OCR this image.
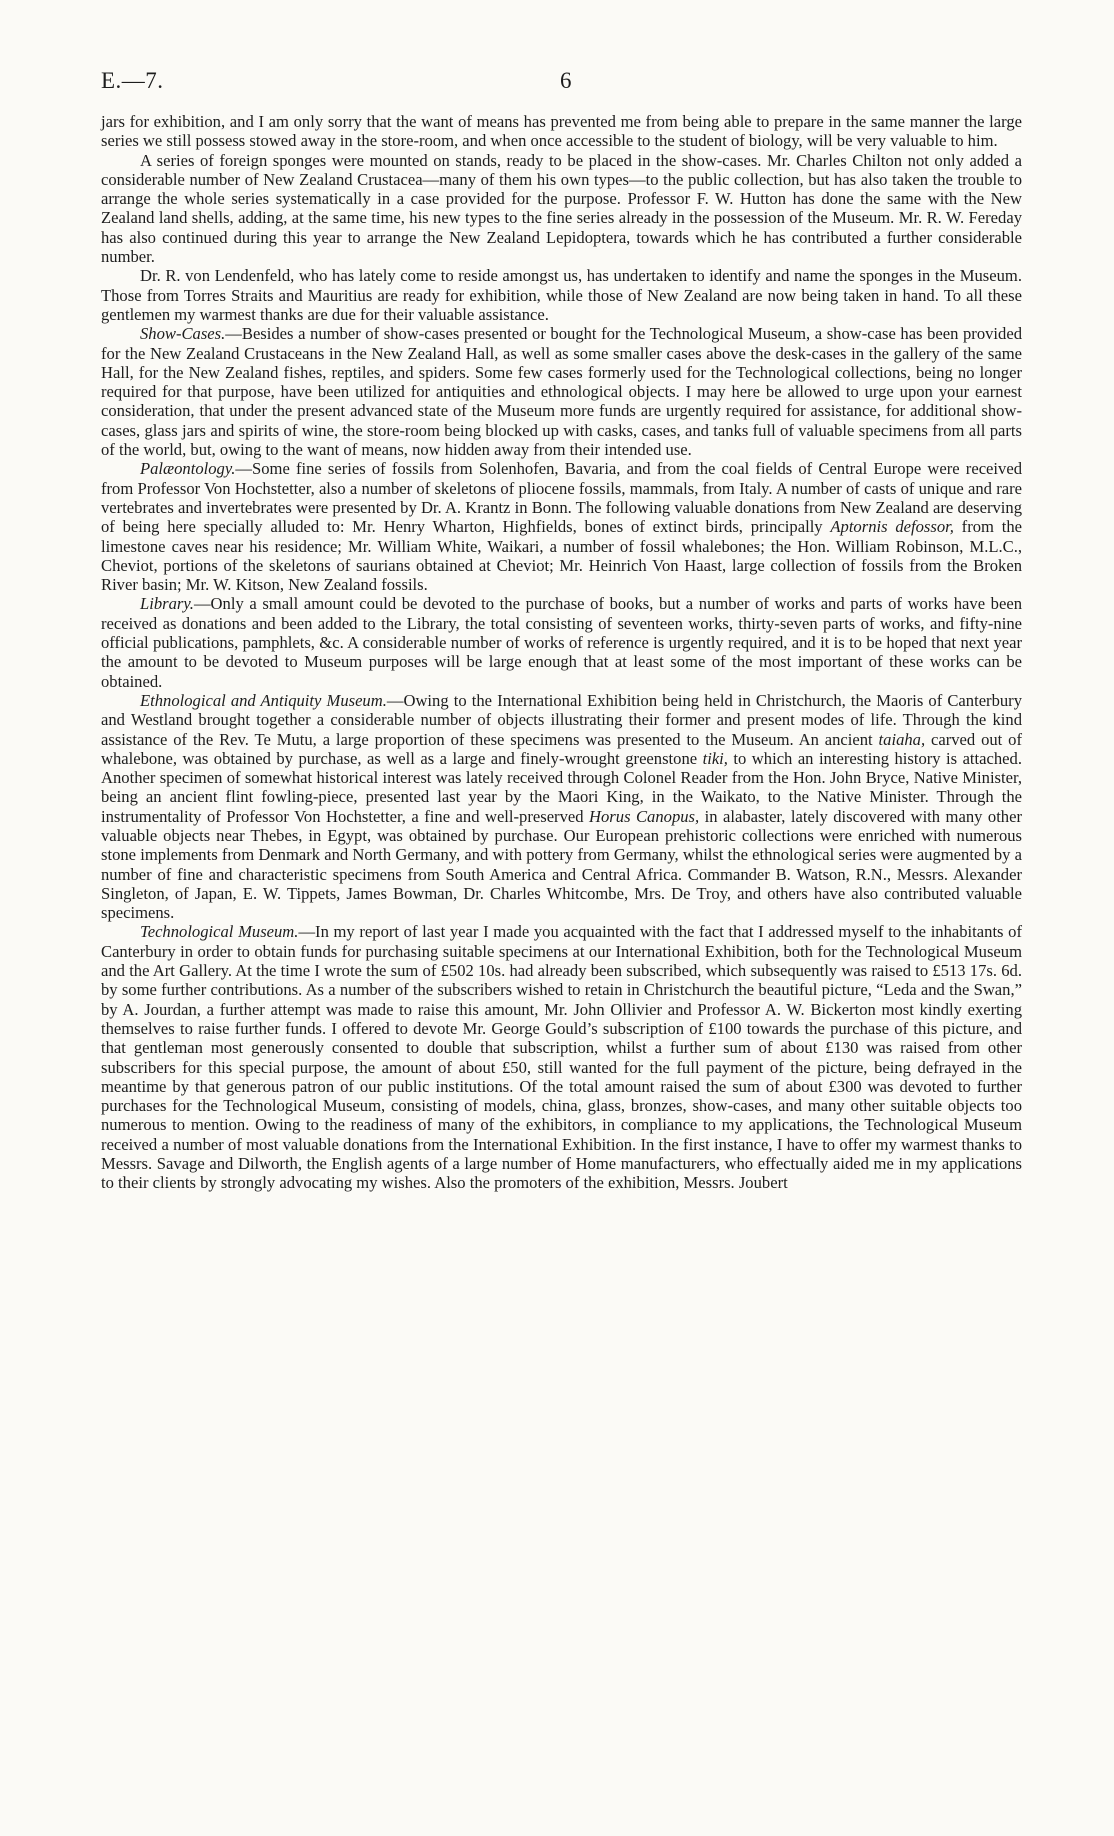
E.—7.	6

jars for exhibition, and I am only sorry that the want of means has prevented me from being able to prepare in the same manner the large series we still possess stowed away in the store-room, and when once accessible to the student of biology, will be very valuable to him.

A series of foreign sponges were mounted on stands, ready to be placed in the show-cases. Mr. Charles Chilton not only added a considerable number of New Zealand Crustacea—many of them his own types—to the public collection, but has also taken the trouble to arrange the whole series systematically in a case provided for the purpose. Professor F. W. Hutton has done the same with the New Zealand land shells, adding, at the same time, his new types to the fine series already in the possession of the Museum. Mr. R. W. Fereday has also continued during this year to arrange the New Zealand Lepidoptera, towards which he has contributed a further considerable number.

Dr. R. von Lendenfeld, who has lately come to reside amongst us, has undertaken to identify and name the sponges in the Museum. Those from Torres Straits and Mauritius are ready for exhibition, while those of New Zealand are now being taken in hand. To all these gentlemen my warmest thanks are due for their valuable assistance.

Show-Cases.—Besides a number of show-cases presented or bought for the Technological Museum, a show-case has been provided for the New Zealand Crustaceans in the New Zealand Hall, as well as some smaller cases above the desk-cases in the gallery of the same Hall, for the New Zealand fishes, reptiles, and spiders. Some few cases formerly used for the Technological collections, being no longer required for that purpose, have been utilized for antiquities and ethnological objects. I may here be allowed to urge upon your earnest consideration, that under the present advanced state of the Museum more funds are urgently required for assistance, for additional show-cases, glass jars and spirits of wine, the store-room being blocked up with casks, cases, and tanks full of valuable specimens from all parts of the world, but, owing to the want of means, now hidden away from their intended use.

Palæontology.—Some fine series of fossils from Solenhofen, Bavaria, and from the coal fields of Central Europe were received from Professor Von Hochstetter, also a number of skeletons of pliocene fossils, mammals, from Italy. A number of casts of unique and rare vertebrates and invertebrates were presented by Dr. A. Krantz in Bonn. The following valuable donations from New Zealand are deserving of being here specially alluded to: Mr. Henry Wharton, Highfields, bones of extinct birds, principally Aptornis defossor, from the limestone caves near his residence; Mr. William White, Waikari, a number of fossil whalebones; the Hon. William Robinson, M.L.C., Cheviot, portions of the skeletons of saurians obtained at Cheviot; Mr. Heinrich Von Haast, large collection of fossils from the Broken River basin; Mr. W. Kitson, New Zealand fossils.

Library.—Only a small amount could be devoted to the purchase of books, but a number of works and parts of works have been received as donations and been added to the Library, the total consisting of seventeen works, thirty-seven parts of works, and fifty-nine official publications, pamphlets, &c. A considerable number of works of reference is urgently required, and it is to be hoped that next year the amount to be devoted to Museum purposes will be large enough that at least some of the most important of these works can be obtained.

Ethnological and Antiquity Museum.—Owing to the International Exhibition being held in Christchurch, the Maoris of Canterbury and Westland brought together a considerable number of objects illustrating their former and present modes of life. Through the kind assistance of the Rev. Te Mutu, a large proportion of these specimens was presented to the Museum. An ancient taiaha, carved out of whalebone, was obtained by purchase, as well as a large and finely-wrought greenstone tiki, to which an interesting history is attached. Another specimen of somewhat historical interest was lately received through Colonel Reader from the Hon. John Bryce, Native Minister, being an ancient flint fowling-piece, presented last year by the Maori King, in the Waikato, to the Native Minister. Through the instrumentality of Professor Von Hochstetter, a fine and well-preserved Horus Canopus, in alabaster, lately discovered with many other valuable objects near Thebes, in Egypt, was obtained by purchase. Our European prehistoric collections were enriched with numerous stone implements from Denmark and North Germany, and with pottery from Germany, whilst the ethnological series were augmented by a number of fine and characteristic specimens from South America and Central Africa. Commander B. Watson, R.N., Messrs. Alexander Singleton, of Japan, E. W. Tippets, James Bowman, Dr. Charles Whitcombe, Mrs. De Troy, and others have also contributed valuable specimens.

Technological Museum.—In my report of last year I made you acquainted with the fact that I addressed myself to the inhabitants of Canterbury in order to obtain funds for purchasing suitable specimens at our International Exhibition, both for the Technological Museum and the Art Gallery. At the time I wrote the sum of £502 10s. had already been subscribed, which subsequently was raised to £513 17s. 6d. by some further contributions. As a number of the subscribers wished to retain in Christchurch the beautiful picture, “Leda and the Swan,” by A. Jourdan, a further attempt was made to raise this amount, Mr. John Ollivier and Professor A. W. Bickerton most kindly exerting themselves to raise further funds. I offered to devote Mr. George Gould’s subscription of £100 towards the purchase of this picture, and that gentleman most generously consented to double that subscription, whilst a further sum of about £130 was raised from other subscribers for this special purpose, the amount of about £50, still wanted for the full payment of the picture, being defrayed in the meantime by that generous patron of our public institutions. Of the total amount raised the sum of about £300 was devoted to further purchases for the Technological Museum, consisting of models, china, glass, bronzes, show-cases, and many other suitable objects too numerous to mention. Owing to the readiness of many of the exhibitors, in compliance to my applications, the Technological Museum received a number of most valuable donations from the International Exhibition. In the first instance, I have to offer my warmest thanks to Messrs. Savage and Dilworth, the English agents of a large number of Home manufacturers, who effectually aided me in my applications to their clients by strongly advocating my wishes. Also the promoters of the exhibition, Messrs. Joubert
